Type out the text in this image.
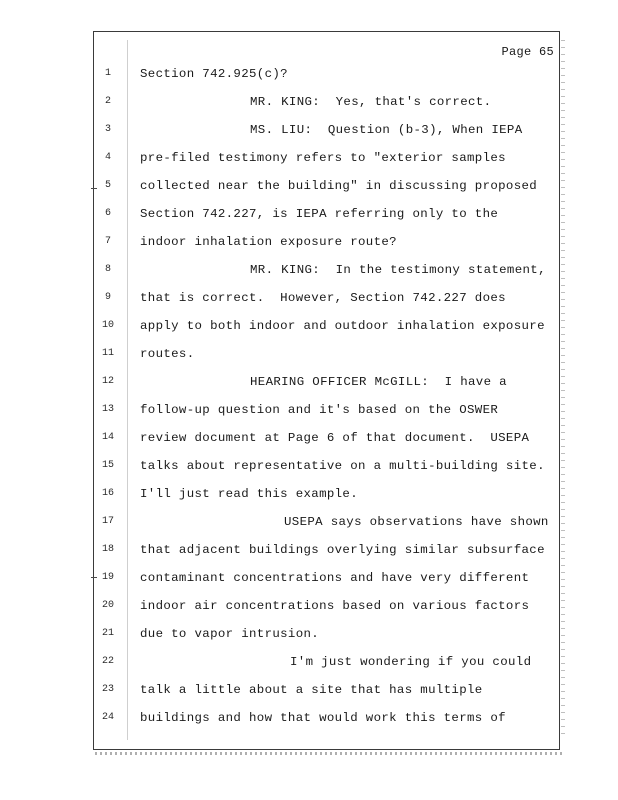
Page 65
1	Section 742.925(c)?
2	MR. KING:  Yes, that's correct.
3	MS. LIU:  Question (b-3), When IEPA
4	pre-filed testimony refers to "exterior samples
5	collected near the building" in discussing proposed
6	Section 742.227, is IEPA referring only to the
7	indoor inhalation exposure route?
8	MR. KING:  In the testimony statement,
9	that is correct.  However, Section 742.227 does
10	apply to both indoor and outdoor inhalation exposure
11	routes.
12	HEARING OFFICER McGILL:  I have a
13	follow-up question and it's based on the OSWER
14	review document at Page 6 of that document.  USEPA
15	talks about representative on a multi-building site.
16	I'll just read this example.
17	USEPA says observations have shown
18	that adjacent buildings overlying similar subsurface
19	contaminant concentrations and have very different
20	indoor air concentrations based on various factors
21	due to vapor intrusion.
22	I'm just wondering if you could
23	talk a little about a site that has multiple
24	buildings and how that would work this terms of
